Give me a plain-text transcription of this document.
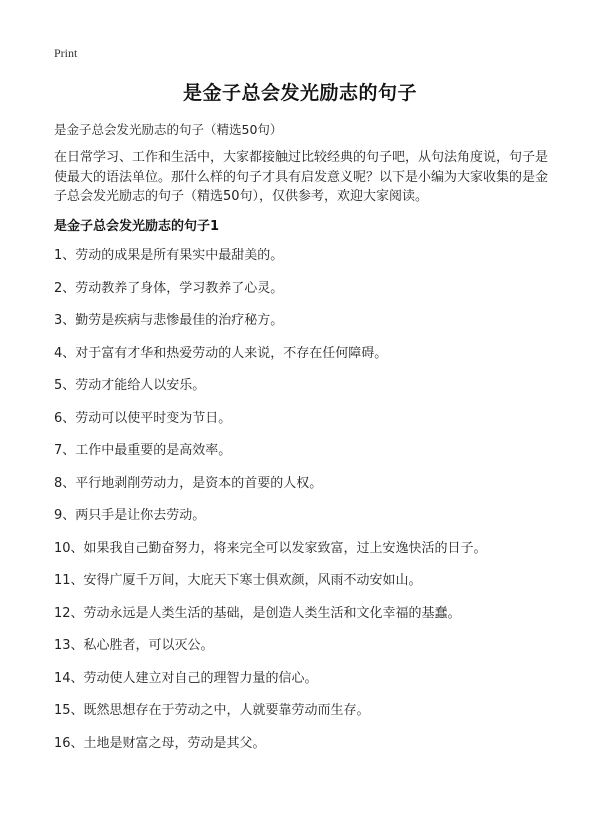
Print
是金子总会发光励志的句子

是金子总会发光励志的句子（精选50句）

在日常学习、工作和生活中，大家都接触过比较经典的句子吧，从句法角度说，句子是使最大的语法单位。那什么样的句子才具有启发意义呢？以下是小编为大家收集的是金子总会发光励志的句子（精选50句），仅供参考，欢迎大家阅读。

是金子总会发光励志的句子1
1、劳动的成果是所有果实中最甜美的。
2、劳动教养了身体，学习教养了心灵。
3、勤劳是疾病与悲惨最佳的治疗秘方。
4、对于富有才华和热爱劳动的人来说，不存在任何障碍。
5、劳动才能给人以安乐。
6、劳动可以使平时变为节日。
7、工作中最重要的是高效率。
8、平行地剥削劳动力，是资本的首要的人权。
9、两只手是让你去劳动。
10、如果我自己勤奋努力，将来完全可以发家致富，过上安逸快活的日子。
11、安得广厦千万间，大庇天下寒士俱欢颜，风雨不动安如山。
12、劳动永远是人类生活的基础，是创造人类生活和文化幸福的基蠢。
13、私心胜者，可以灭公。
14、劳动使人建立对自己的理智力量的信心。
15、既然思想存在于劳动之中，人就要靠劳动而生存。
16、土地是财富之母，劳动是其父。
